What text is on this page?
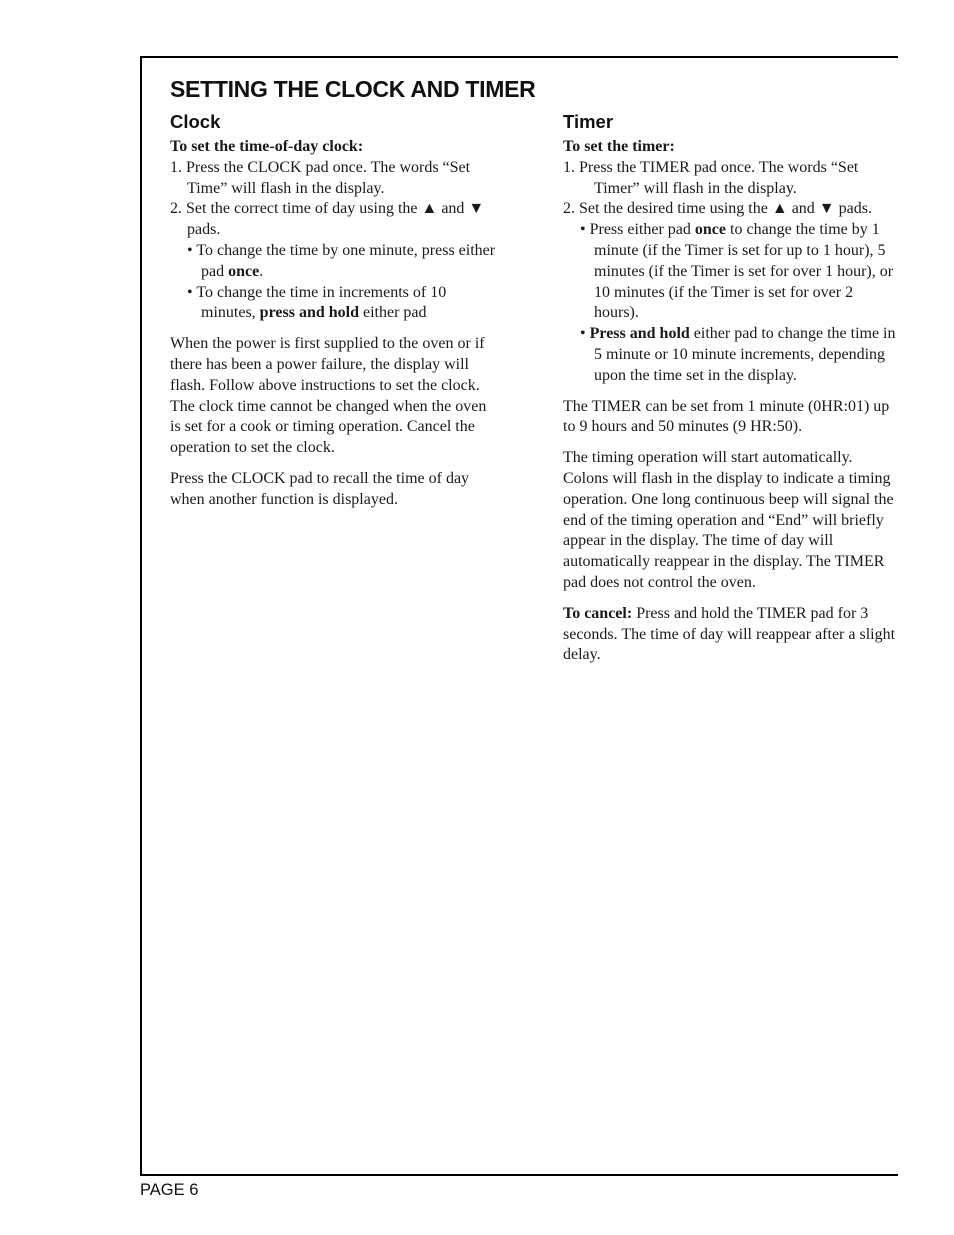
SETTING THE CLOCK AND TIMER
Clock

To set the time-of-day clock:

1. Press the CLOCK pad once. The words “Set Time” will flash in the display.

2. Set the correct time of day using the ▲ and ▼ pads.

• To change the time by one minute, press either pad once.

• To change the time in increments of 10 minutes, press and hold either pad

When the power is first supplied to the oven or if there has been a power failure, the display will flash. Follow above instructions to set the clock. The clock time cannot be changed when the oven is set for a cook or timing operation. Cancel the operation to set the clock.

Press the CLOCK pad to recall the time of day when another function is displayed.

Timer

To set the timer:

1. Press the TIMER pad once. The words “Set Timer” will flash in the display.

2. Set the desired time using the ▲ and ▼ pads.

• Press either pad once to change the time by 1 minute (if the Timer is set for up to 1 hour), 5 minutes (if the Timer is set for over 1 hour), or 10 minutes (if the Timer is set for over 2 hours).

• Press and hold either pad to change the time in 5 minute or 10 minute increments, depending upon the time set in the display.

The TIMER can be set from 1 minute (0HR:01) up to 9 hours and 50 minutes (9 HR:50).

The timing operation will start automatically. Colons will flash in the display to indicate a timing operation. One long continuous beep will signal the end of the timing operation and “End” will briefly appear in the display. The time of day will automatically reappear in the display. The TIMER pad does not control the oven.

To cancel: Press and hold the TIMER pad for 3 seconds. The time of day will reappear after a slight delay.

PAGE 6
